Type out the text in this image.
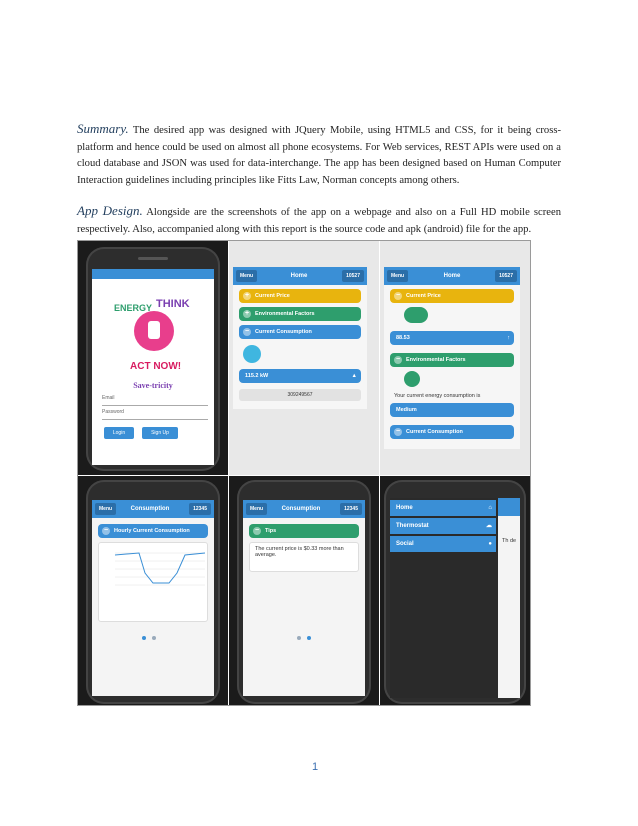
Summary. The desired app was designed with JQuery Mobile, using HTML5 and CSS, for it being cross-platform and hence could be used on almost all phone ecosystems. For Web services, REST APIs were used on a cloud database and JSON was used for data-interchange. The app has been designed based on Human Computer Interaction guidelines including principles like Fitts Law, Norman concepts among others.
App Design. Alongside are the screenshots of the app on a webpage and also on a Full HD mobile screen respectively. Also, accompanied along with this report is the source code and apk (android) file for the app.
ENERGY THINK
ACT NOW!
Save-tricity
Email
Password
Login	Sign Up
Menu	Home	10527
+	Current Price
+	Environmental Factors
−	Current Consumption
115.2 kW	▲
309249567
Menu	Home	10527
−	Current Price
88.53	↑
−	Environmental Factors
Your current energy consumption is
Medium
−	Current Consumption
Menu	Consumption	12345
−	Hourly Current Consumption
Menu	Consumption	12345
−	Tips
The current price is $0.33 more than average.
Th de
Home	⌂
Thermostat	☁
Social	●
1
